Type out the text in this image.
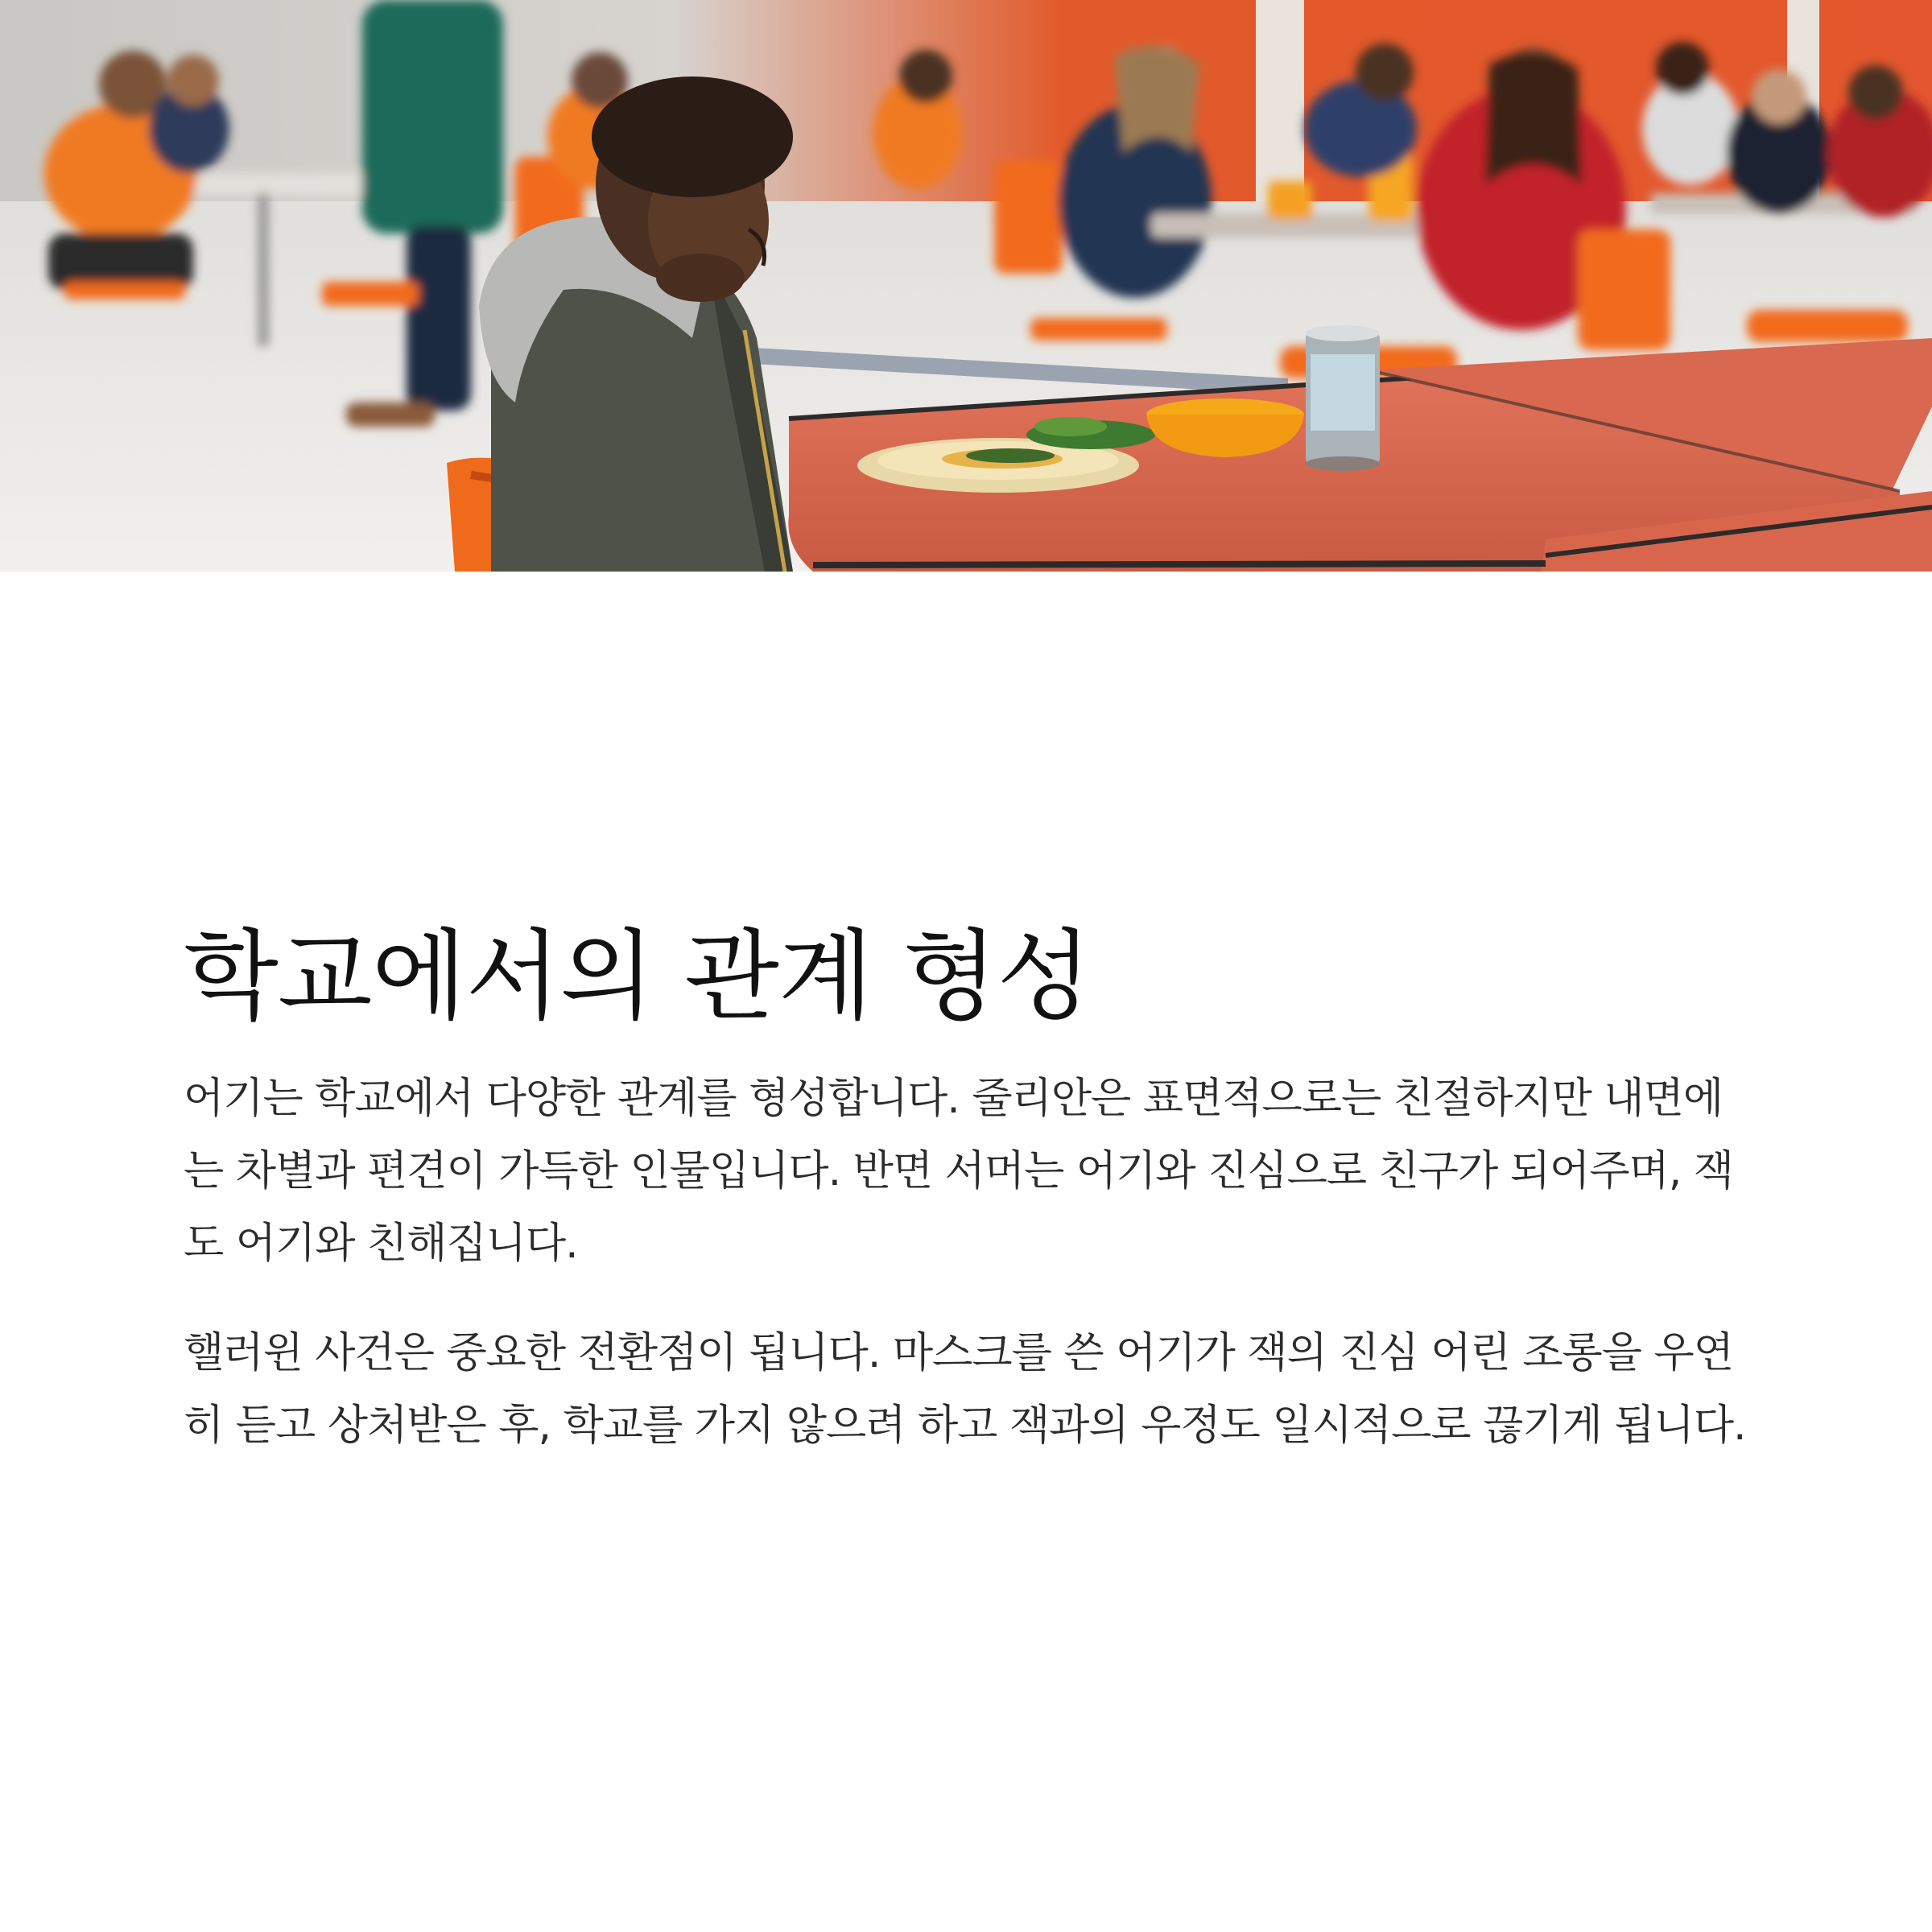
학교에서의 관계 형성

어기는 학교에서 다양한 관계를 형성합니다. 줄리안은 표면적으로는 친절하지만 내면에는 차별과 편견이 가득한 인물입니다. 반면 서머는 어기와 진심으로 친구가 되어주며, 잭도 어기와 친해집니다.

핼러윈 사건은 중요한 전환점이 됩니다. 마스크를 쓴 어기가 잭의 진심 어린 조롱을 우연히 듣고 상처받은 후, 학교를 가지 않으려 하고 잭과의 우정도 일시적으로 끊기게 됩니다.
